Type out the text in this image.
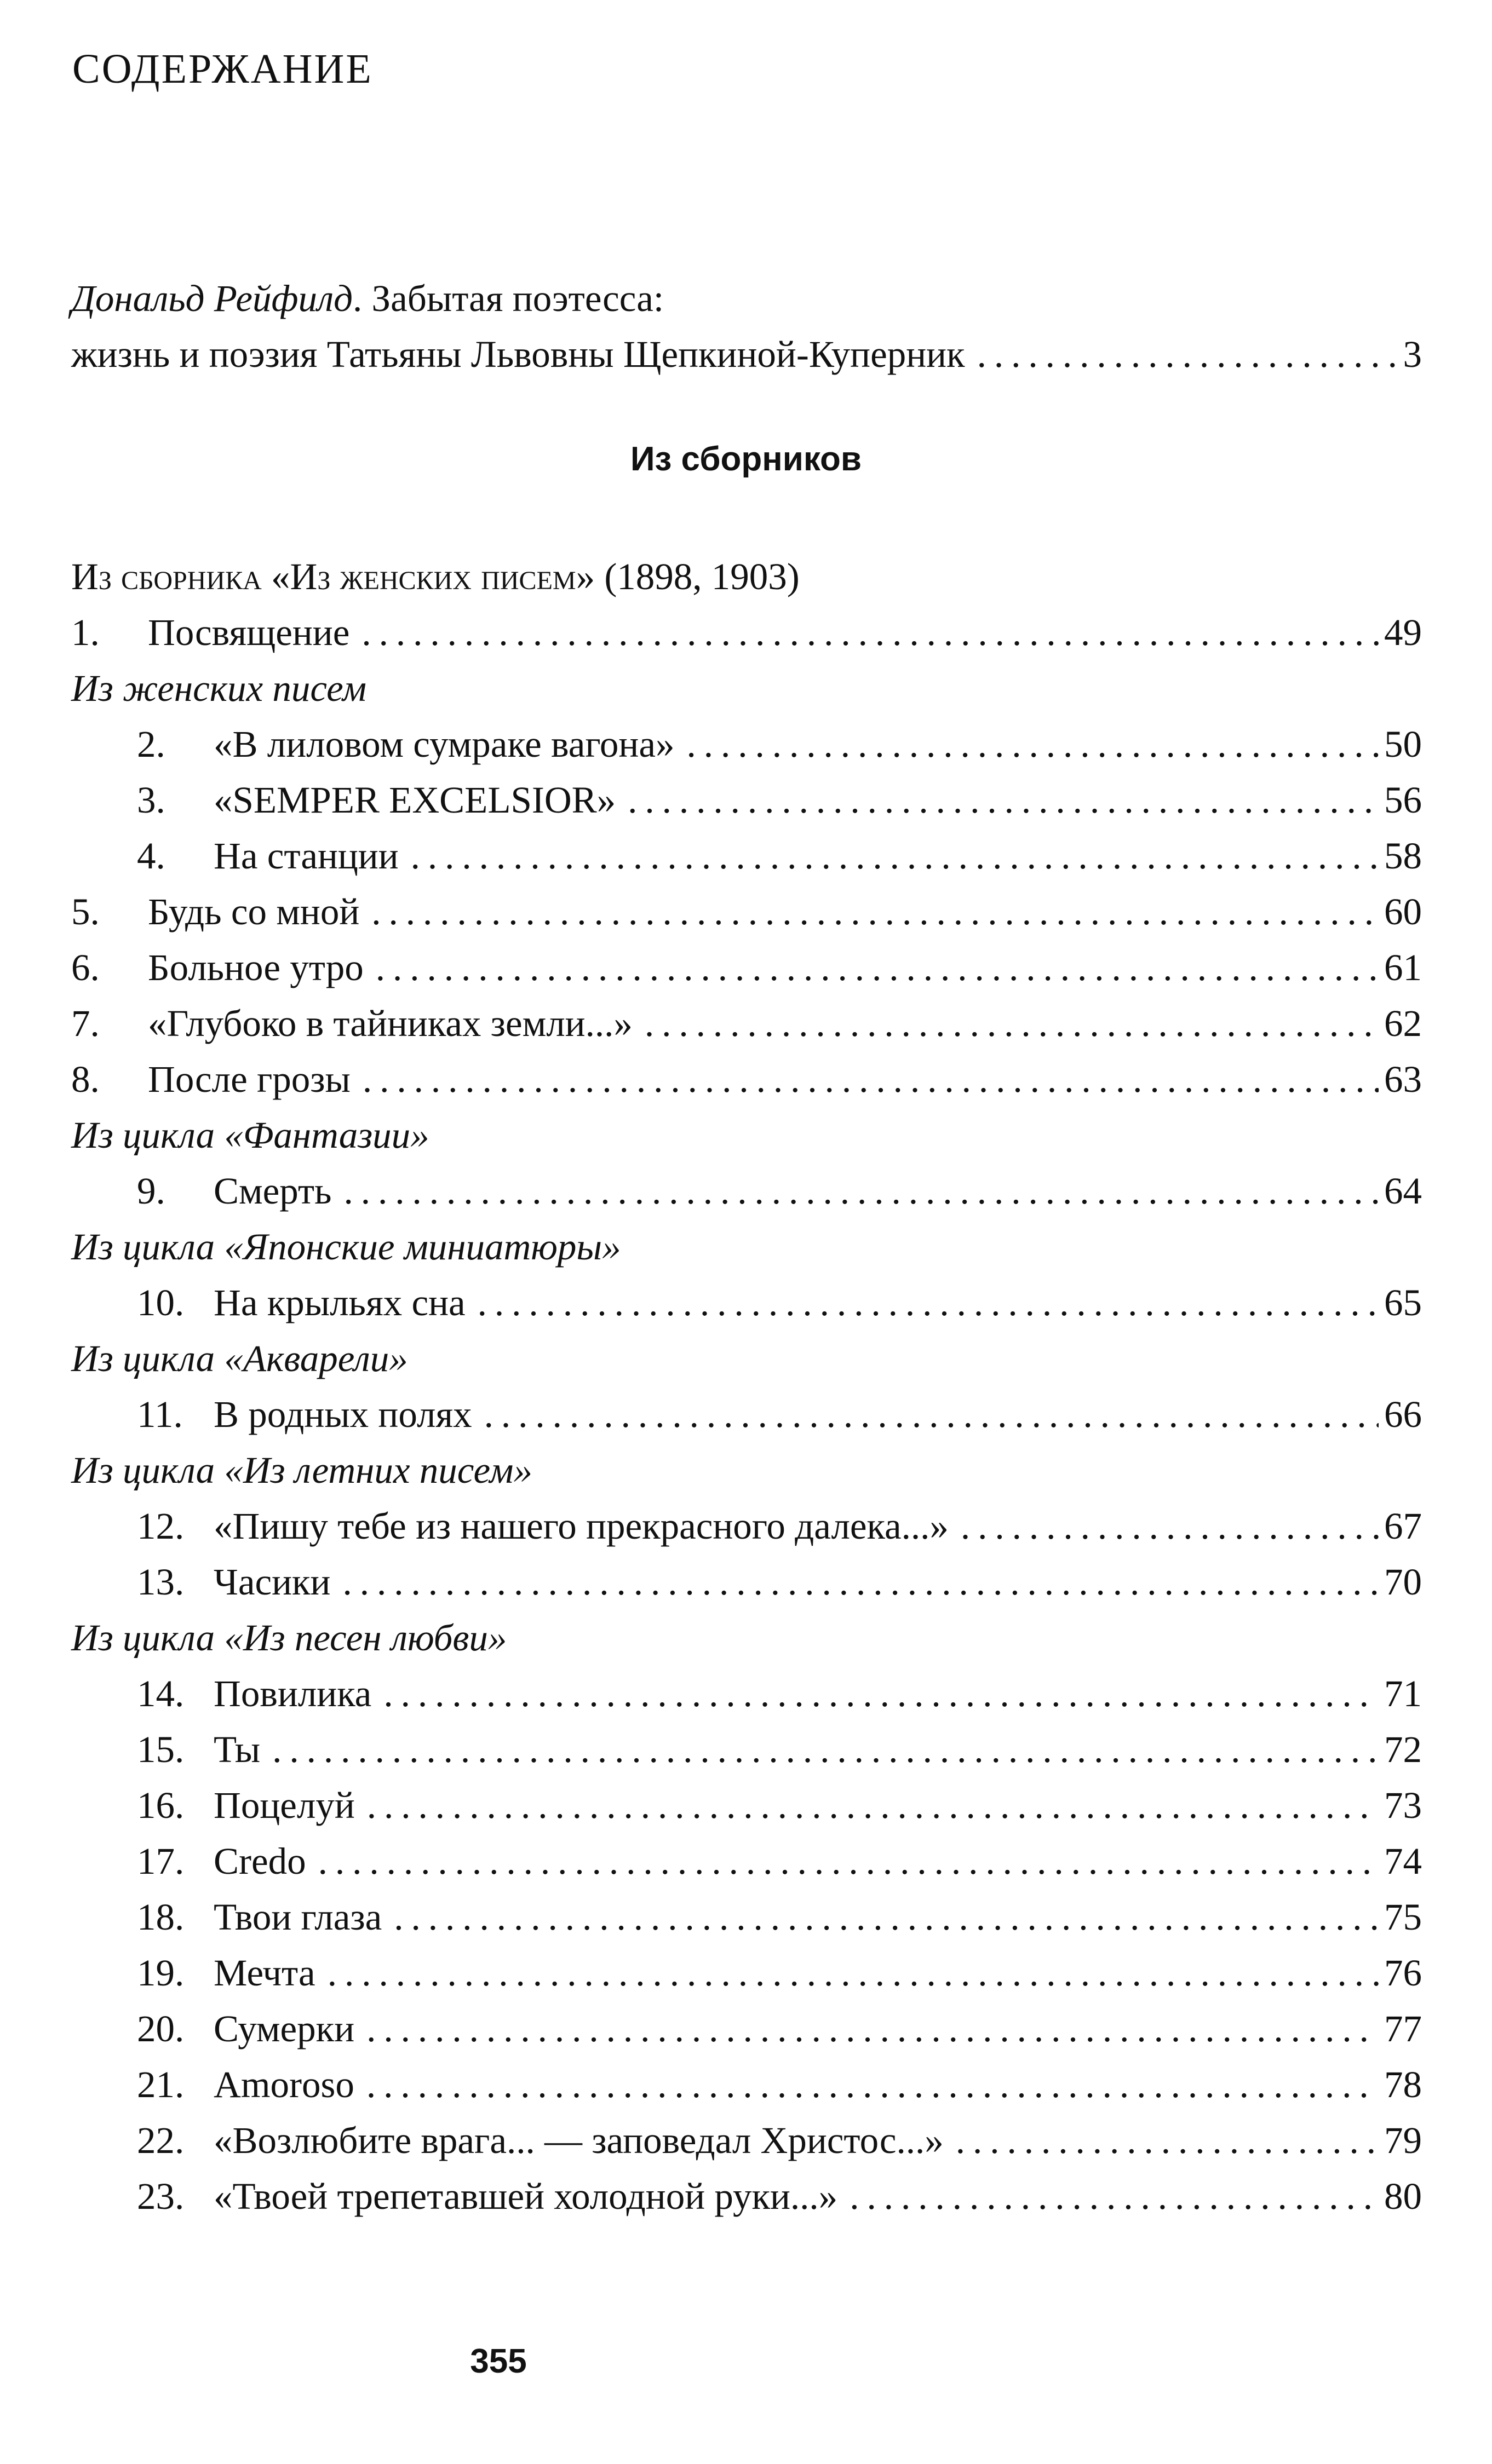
СОДЕРЖАНИЕ
Дональд Рейфилд. Забытая поэтесса:
жизнь и поэзия Татьяны Львовны Щепкиной-Куперник .....	3
Из сборников
Из сборника «Из женских писем» (1898, 1903)
1.	Посвящение .....	49
Из женских писем
2.	«В лиловом сумраке вагона» .....	50
3.	«SEMPER EXCELSIOR» .....	56
4.	На станции .....	58
5.	Будь со мной .....	60
6.	Больное утро .....	61
7.	«Глубоко в тайниках земли...» .....	62
8.	После грозы .....	63
Из цикла «Фантазии»
9.	Смерть .....	64
Из цикла «Японские миниатюры»
10. На крыльях сна .....	65
Из цикла «Акварели»
11. В родных полях .....	66
Из цикла «Из летних писем»
12. «Пишу тебе из нашего прекрасного далека...» .....	67
13. Часики .....	70
Из цикла «Из песен любви»
14. Повилика .....	71
15. Ты .....	72
16. Поцелуй .....	73
17. Credo .....	74
18. Твои глаза .....	75
19. Мечта .....	76
20. Сумерки .....	77
21. Amoroso .....	78
22. «Возлюбите врага... — заповедал Христос...» .....	79
23. «Твоей трепетавшей холодной руки...» .....	80
355
